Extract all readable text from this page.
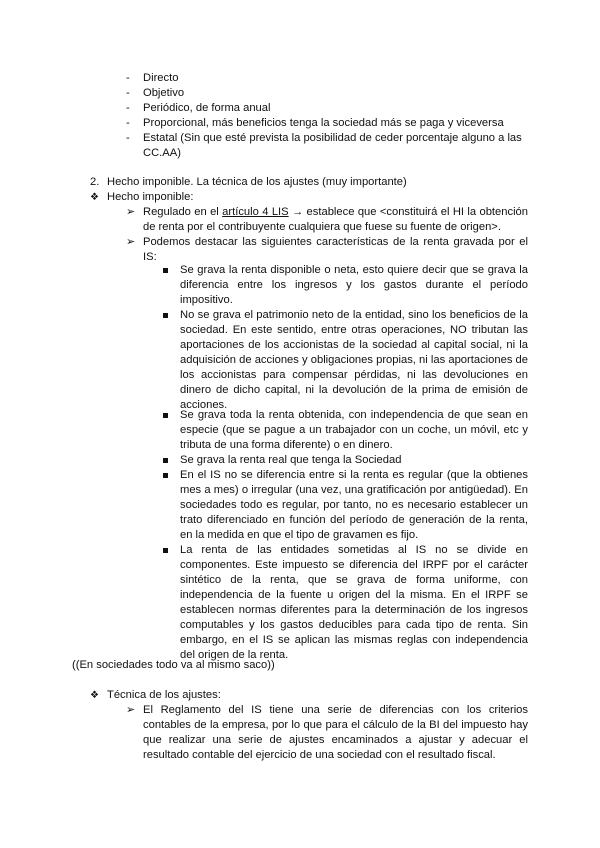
- Directo
- Objetivo
- Periódico, de forma anual
- Proporcional, más beneficios tenga la sociedad más se paga y viceversa
- Estatal (Sin que esté prevista la posibilidad de ceder porcentaje alguno a las CC.AA)
2. Hecho imponible. La técnica de los ajustes (muy importante)
❖ Hecho imponible:
➢ Regulado en el artículo 4 LIS → establece que <constituirá el HI la obtención de renta por el contribuyente cualquiera que fuese su fuente de origen>.
➢ Podemos destacar las siguientes características de la renta gravada por el IS:
Se grava la renta disponible o neta, esto quiere decir que se grava la diferencia entre los ingresos y los gastos durante el período impositivo.
No se grava el patrimonio neto de la entidad, sino los beneficios de la sociedad. En este sentido, entre otras operaciones, NO tributan las aportaciones de los accionistas de la sociedad al capital social, ni la adquisición de acciones y obligaciones propias, ni las aportaciones de los accionistas para compensar pérdidas, ni las devoluciones en dinero de dicho capital, ni la devolución de la prima de emisión de acciones.
Se grava toda la renta obtenida, con independencia de que sean en especie (que se pague a un trabajador con un coche, un móvil, etc y tributa de una forma diferente) o en dinero.
Se grava la renta real que tenga la Sociedad
En el IS no se diferencia entre si la renta es regular (que la obtienes mes a mes) o irregular (una vez, una gratificación por antigüedad). En sociedades todo es regular, por tanto, no es necesario establecer un trato diferenciado en función del período de generación de la renta, en la medida en que el tipo de gravamen es fijo.
La renta de las entidades sometidas al IS no se divide en componentes. Este impuesto se diferencia del IRPF por el carácter sintético de la renta, que se grava de forma uniforme, con independencia de la fuente u origen del la misma. En el IRPF se establecen normas diferentes para la determinación de los ingresos computables y los gastos deducibles para cada tipo de renta. Sin embargo, en el IS se aplican las mismas reglas con independencia del origen de la renta.
((En sociedades todo va al mismo saco))
❖ Técnica de los ajustes:
➢ El Reglamento del IS tiene una serie de diferencias con los criterios contables de la empresa, por lo que para el cálculo de la BI del impuesto hay que realizar una serie de ajustes encaminados a ajustar y adecuar el resultado contable del ejercicio de una sociedad con el resultado fiscal.
